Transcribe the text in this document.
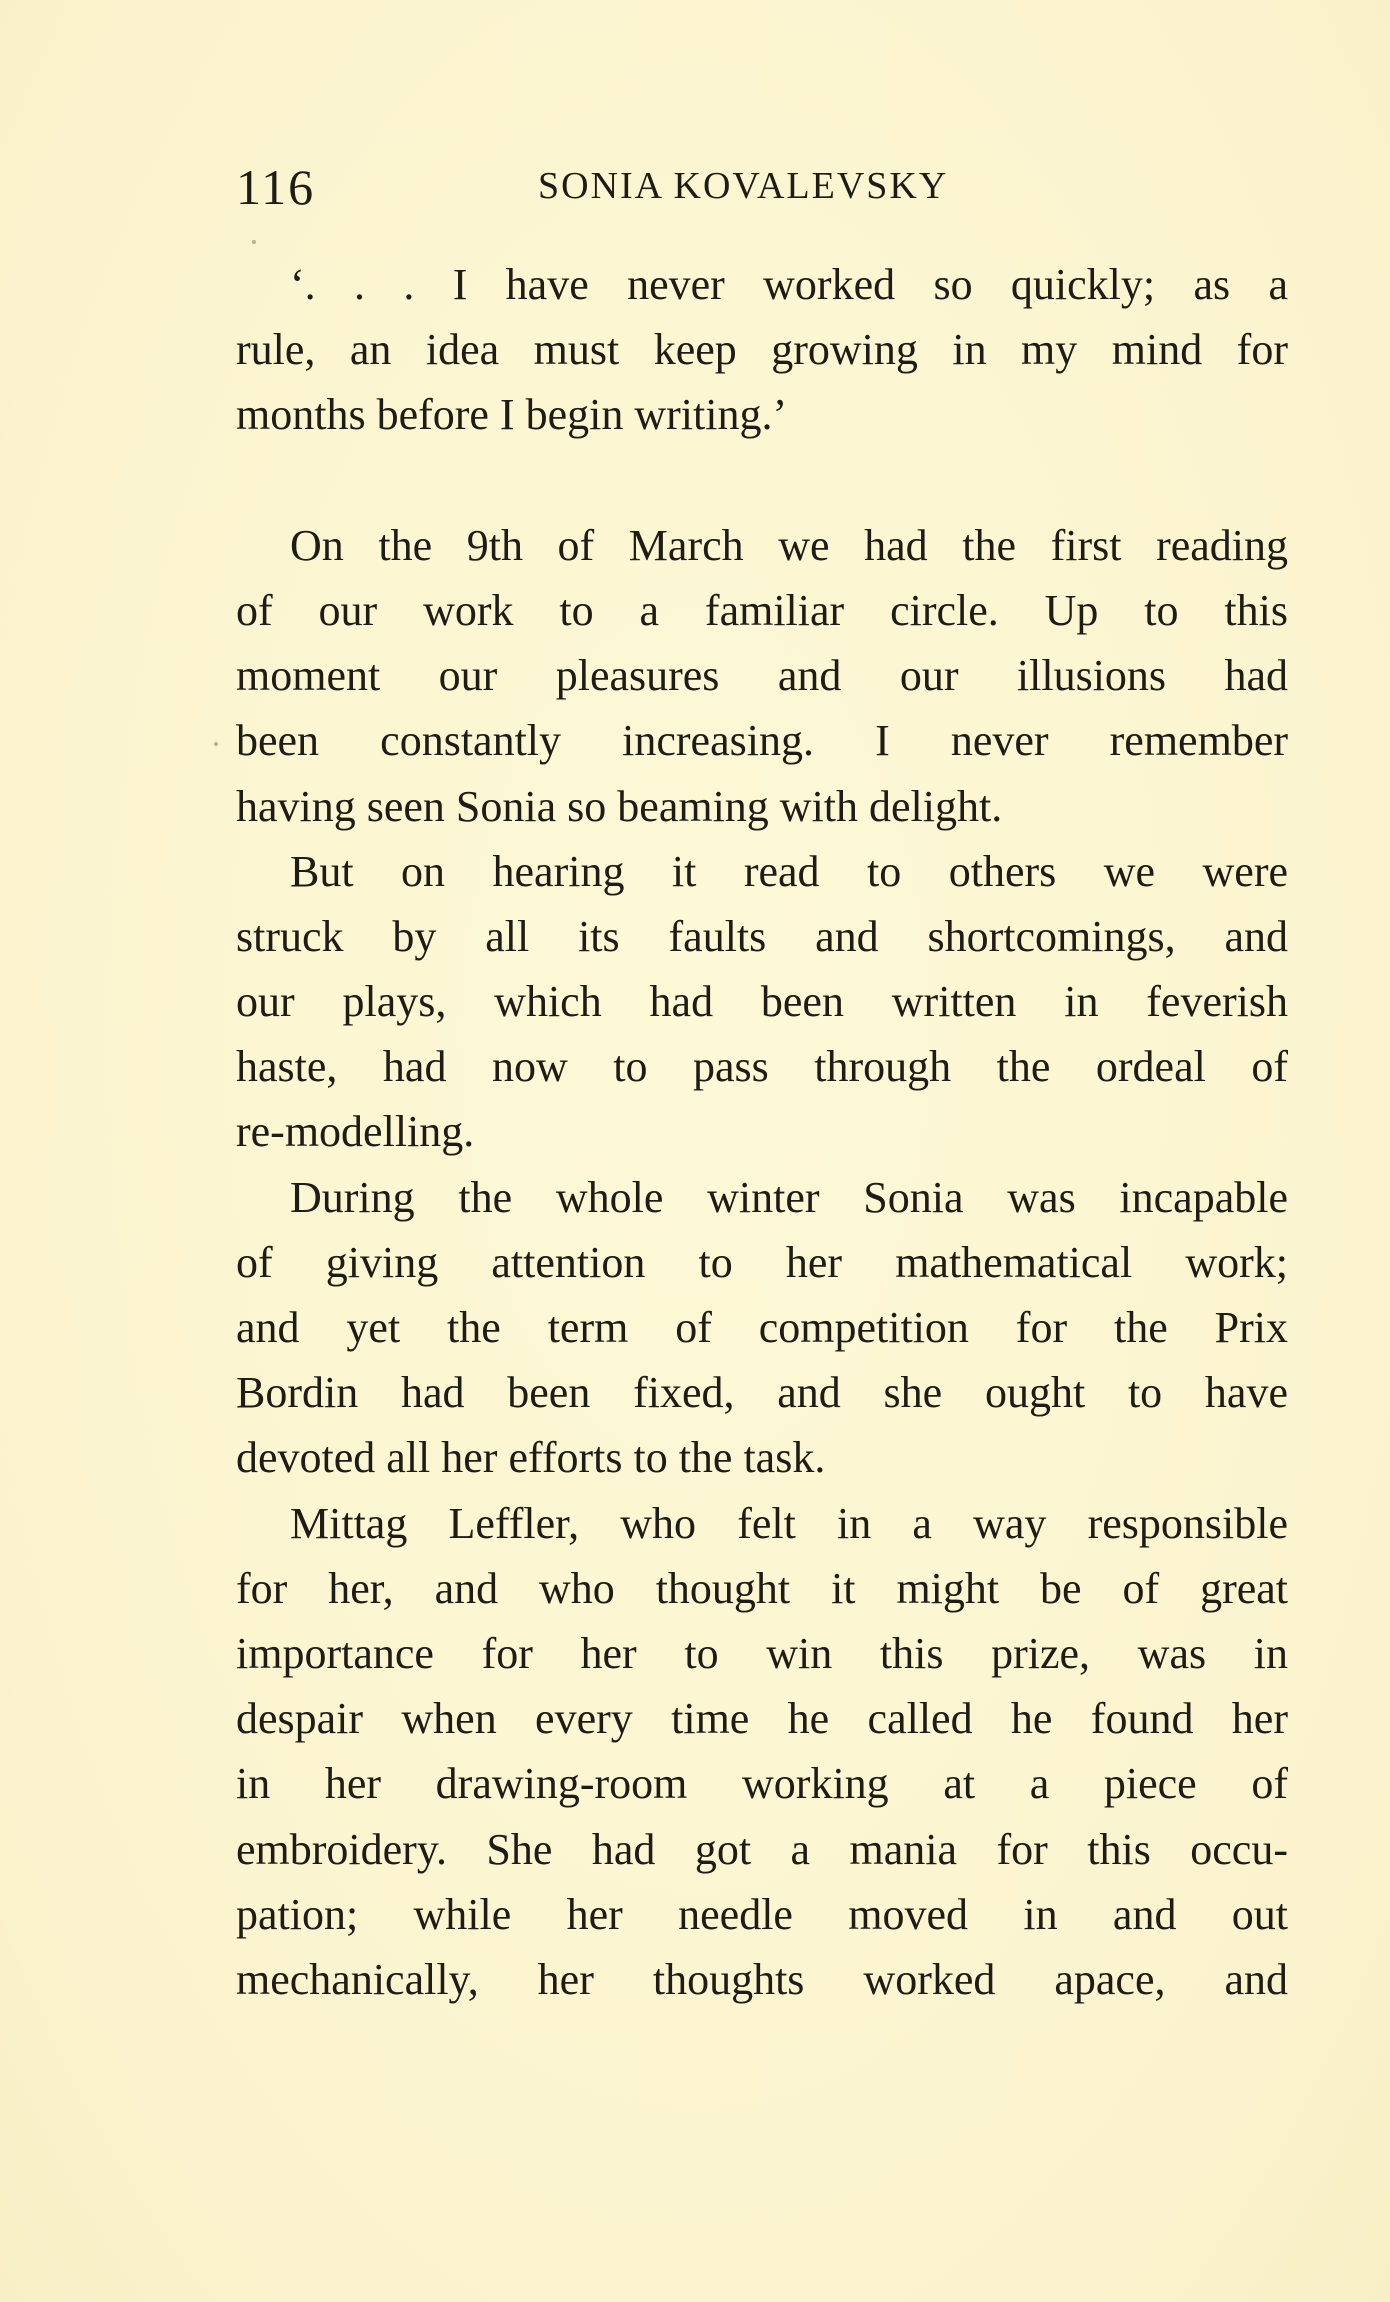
116	SONIA KOVALEVSKY
‘. . . I have never worked so quickly; as a
rule, an idea must keep growing in my mind for
months before I begin writing.’
On the 9th of March we had the first reading
of our work to a familiar circle. Up to this
moment our pleasures and our illusions had
been constantly increasing. I never remember
having seen Sonia so beaming with delight.
But on hearing it read to others we were
struck by all its faults and shortcomings, and
our plays, which had been written in feverish
haste, had now to pass through the ordeal of
re-modelling.
During the whole winter Sonia was incapable
of giving attention to her mathematical work;
and yet the term of competition for the Prix
Bordin had been fixed, and she ought to have
devoted all her efforts to the task.
Mittag Leffler, who felt in a way responsible
for her, and who thought it might be of great
importance for her to win this prize, was in
despair when every time he called he found her
in her drawing-room working at a piece of
embroidery. She had got a mania for this occu-
pation; while her needle moved in and out
mechanically, her thoughts worked apace, and
